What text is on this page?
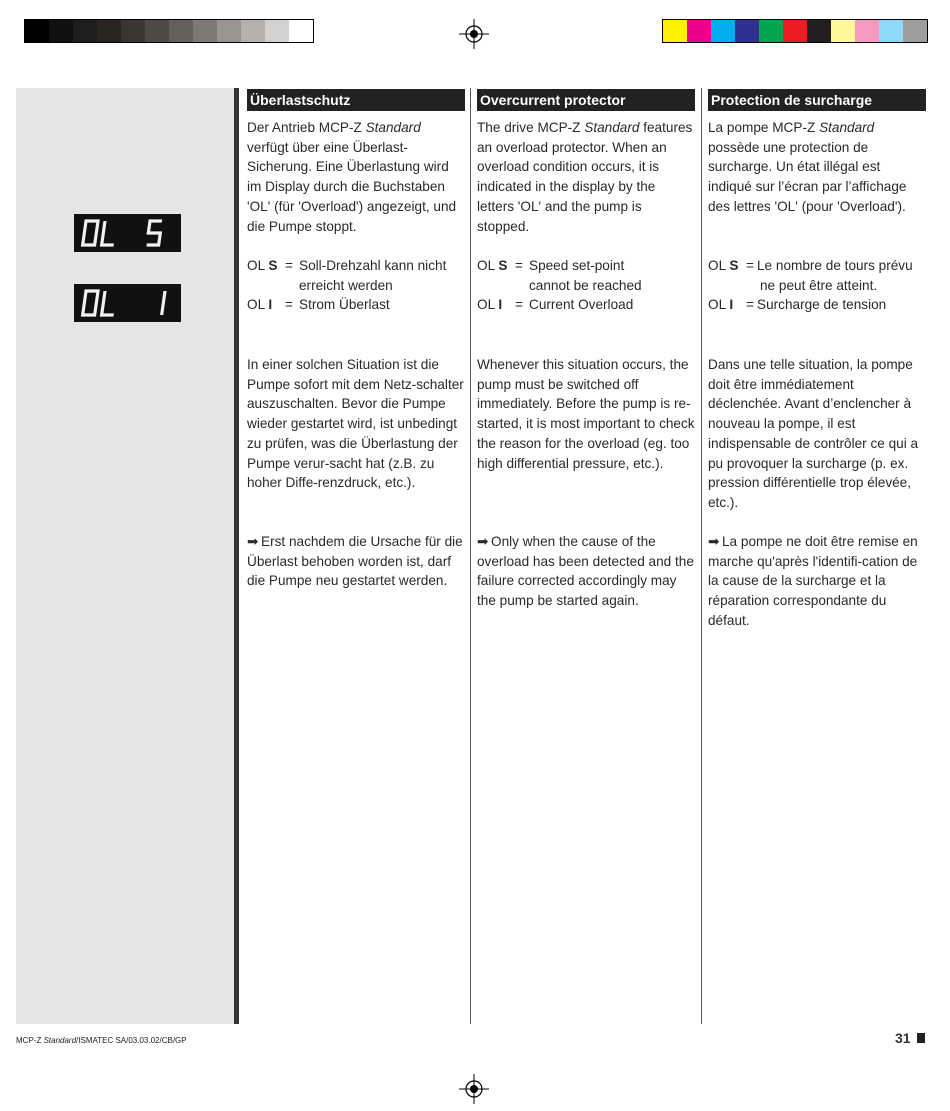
OL S
OL I
Überlastschutz

Der Antrieb MCP-Z Standard verfügt über eine Überlast-Sicherung. Eine Überlastung wird im Display durch die Buchstaben 'OL' (für 'Overload') angezeigt, und die Pumpe stoppt.

OL S = Soll-Drehzahl kann nicht
erreicht werden
OL I = Strom Überlast

In einer solchen Situation ist die Pumpe sofort mit dem Netz-schalter auszuschalten. Bevor die Pumpe wieder gestartet wird, ist unbedingt zu prüfen, was die Überlastung der Pumpe verur-sacht hat (z.B. zu hoher Diffe-renzdruck, etc.).

➡ Erst nachdem die Ursache für die Überlast behoben worden ist, darf die Pumpe neu gestartet werden.

Overcurrent protector

The drive MCP-Z Standard features an overload protector. When an overload condition occurs, it is indicated in the display by the letters 'OL' and the pump is stopped.

OL S = Speed set-point
cannot be reached
OL I = Current Overload

Whenever this situation occurs, the pump must be switched off immediately. Before the pump is re-started, it is most important to check the reason for the overload (eg. too high differential pressure, etc.).

➡ Only when the cause of the overload has been detected and the failure corrected accordingly may the pump be started again.

Protection de surcharge

La pompe MCP-Z Standard possède une protection de surcharge. Un état illégal est indiqué sur l’écran par l’affichage des lettres 'OL' (pour 'Overload').

OL S = Le nombre de tours prévu
ne peut être atteint.
OL I = Surcharge de tension

Dans une telle situation, la pompe doit être immédiatement déclenchée. Avant d’enclencher à nouveau la pompe, il est indispensable de contrôler ce qui a pu provoquer la surcharge (p. ex. pression différentielle trop élevée, etc.).

➡ La pompe ne doit être remise en marche qu'après l'identifi-cation de la cause de la surcharge et la réparation correspondante du défaut.

MCP-Z Standard/ISMATEC SA/03.03.02/CB/GP	31
